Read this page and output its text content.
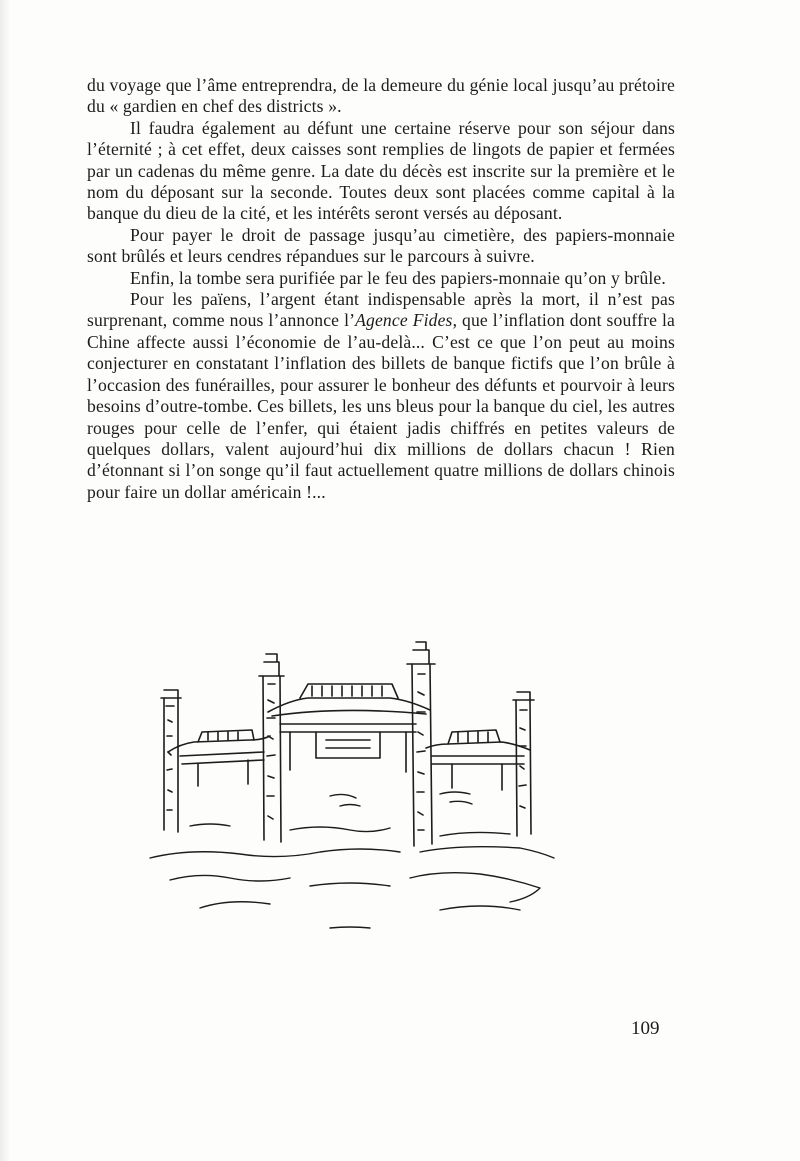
du voyage que l’âme entreprendra, de la demeure du génie local jusqu’au prétoire du « gardien en chef des districts ».

Il faudra également au défunt une certaine réserve pour son séjour dans l’éternité ; à cet effet, deux caisses sont remplies de lingots de papier et fermées par un cadenas du même genre. La date du décès est inscrite sur la première et le nom du déposant sur la seconde. Toutes deux sont placées comme capital à la banque du dieu de la cité, et les intérêts seront versés au déposant.

Pour payer le droit de passage jusqu’au cimetière, des papiers-monnaie sont brûlés et leurs cendres répandues sur le parcours à suivre.

Enfin, la tombe sera purifiée par le feu des papiers-monnaie qu’on y brûle.

Pour les païens, l’argent étant indispensable après la mort, il n’est pas surprenant, comme nous l’annonce l’Agence Fides, que l’inflation dont souffre la Chine affecte aussi l’économie de l’au-delà... C’est ce que l’on peut au moins conjecturer en constatant l’inflation des billets de banque fictifs que l’on brûle à l’occasion des funérailles, pour assurer le bonheur des défunts et pourvoir à leurs besoins d’outre-tombe. Ces billets, les uns bleus pour la banque du ciel, les autres rouges pour celle de l’enfer, qui étaient jadis chiffrés en petites valeurs de quelques dollars, valent aujourd’hui dix millions de dollars chacun ! Rien d’étonnant si l’on songe qu’il faut actuellement quatre millions de dollars chinois pour faire un dollar américain !...

109
